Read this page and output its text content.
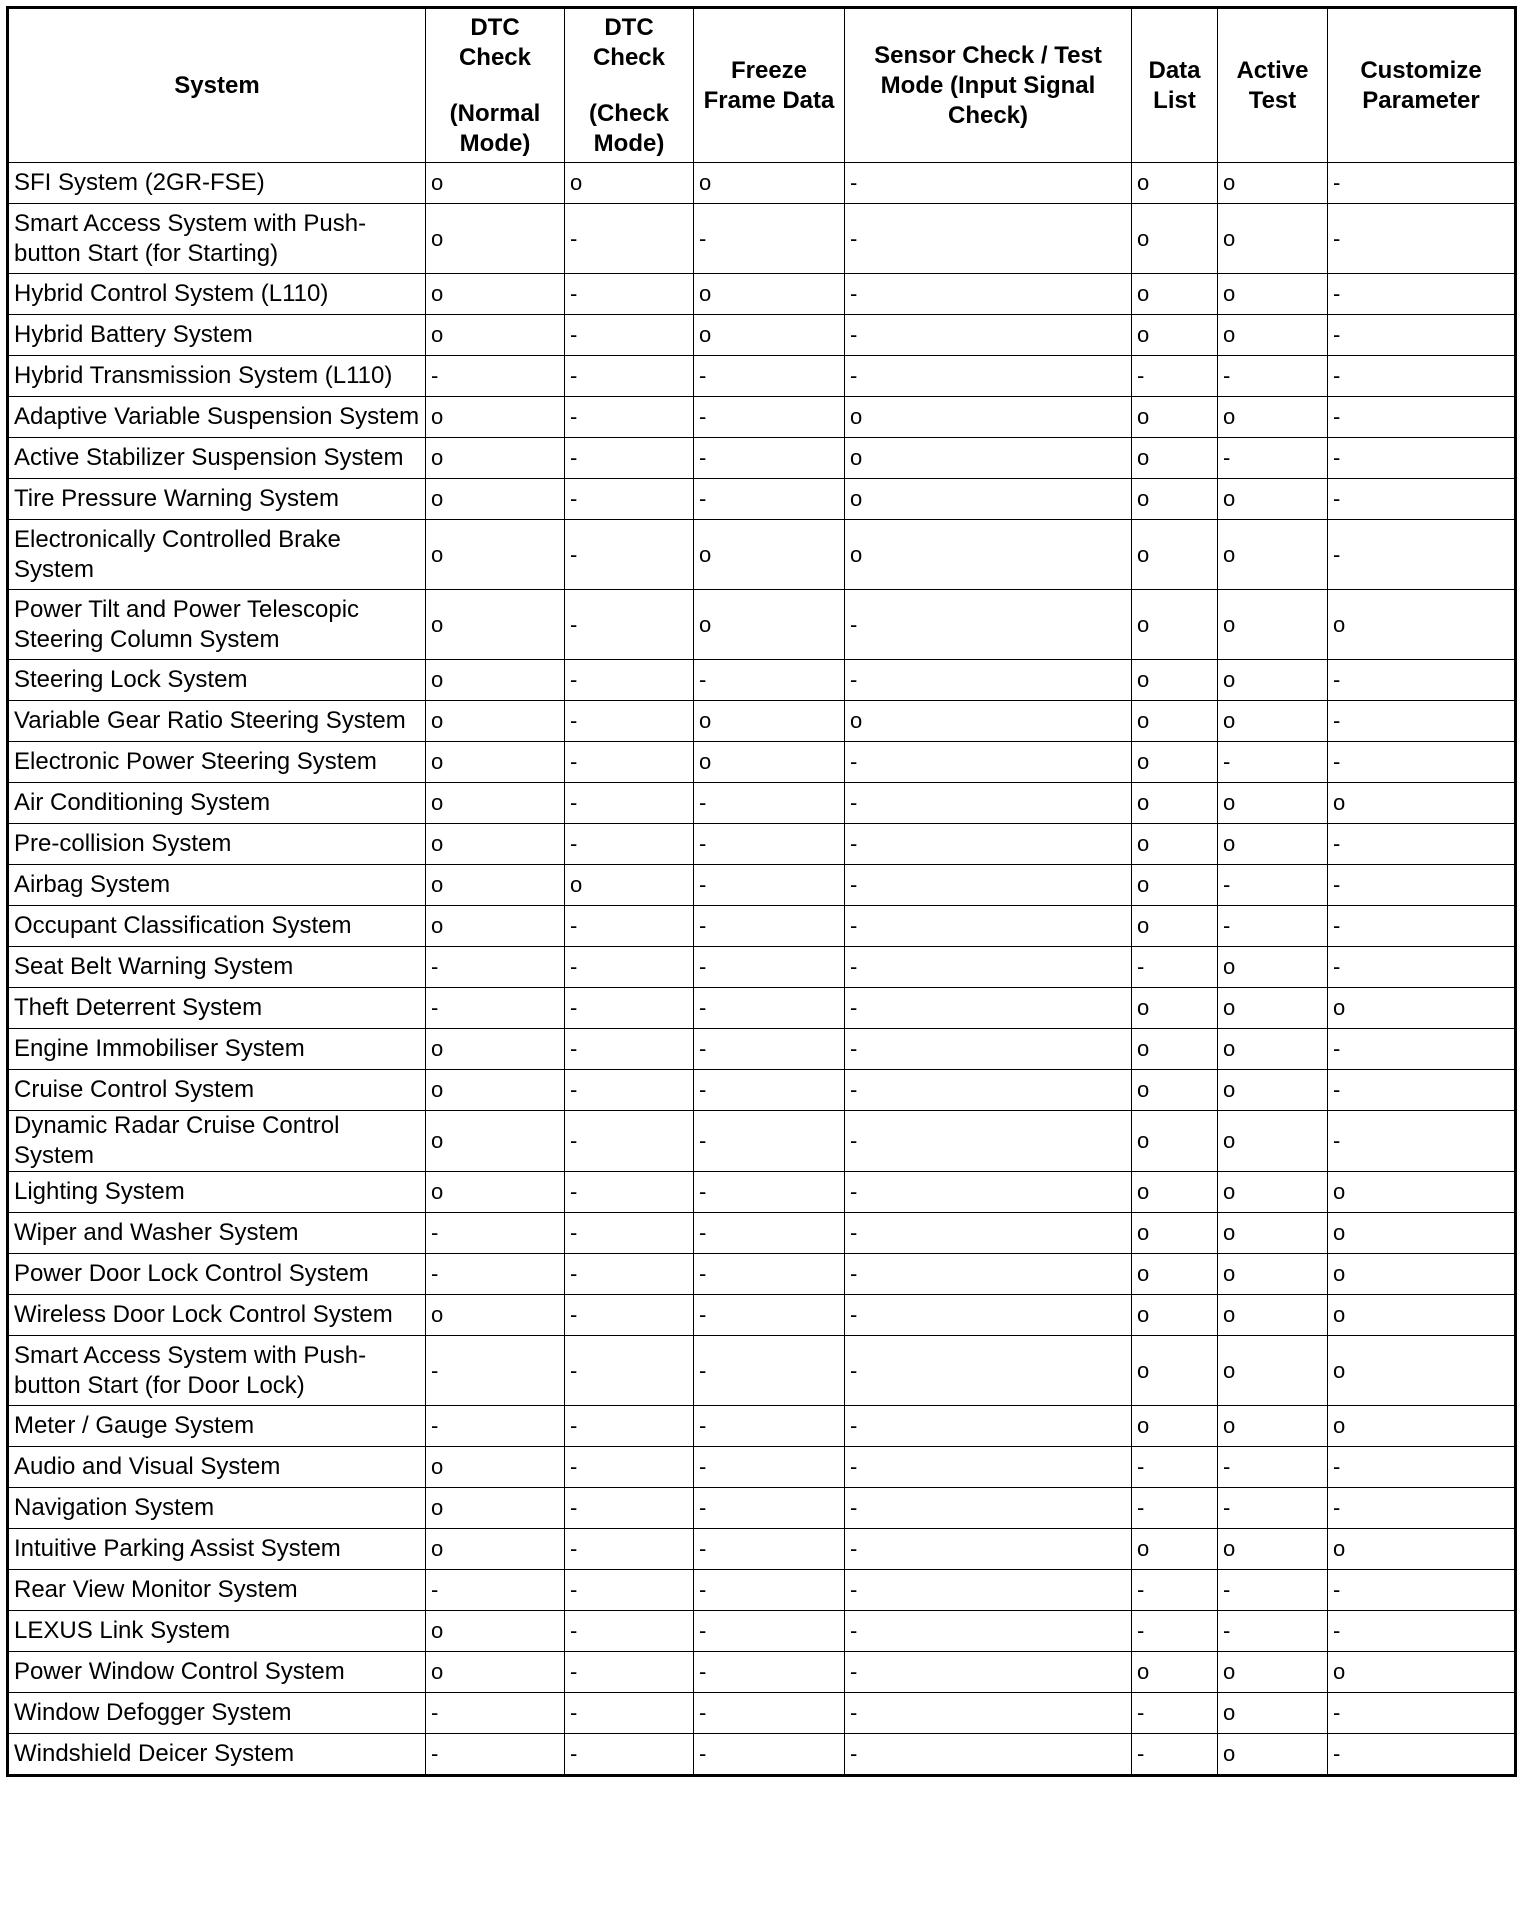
System	DTC
Check
(Normal
Mode)	DTC
Check
(Check
Mode)	Freeze
Frame Data	Sensor Check / Test
Mode (Input Signal
Check)	Data
List	Active
Test	Customize
Parameter

SFI System (2GR-FSE)	o	o	o	-	o	o	-
Smart Access System with Push-button Start (for Starting)	o	-	-	-	o	o	-
Hybrid Control System (L110)	o	-	o	-	o	o	-
Hybrid Battery System	o	-	o	-	o	o	-
Hybrid Transmission System (L110)	-	-	-	-	-	-	-
Adaptive Variable Suspension System	o	-	-	o	o	o	-
Active Stabilizer Suspension System	o	-	-	o	o	-	-
Tire Pressure Warning System	o	-	-	o	o	o	-
Electronically Controlled Brake System	o	-	o	o	o	o	-
Power Tilt and Power Telescopic Steering Column System	o	-	o	-	o	o	o
Steering Lock System	o	-	-	-	o	o	-
Variable Gear Ratio Steering System	o	-	o	o	o	o	-
Electronic Power Steering System	o	-	o	-	o	-	-
Air Conditioning System	o	-	-	-	o	o	o
Pre-collision System	o	-	-	-	o	o	-
Airbag System	o	o	-	-	o	-	-
Occupant Classification System	o	-	-	-	o	-	-
Seat Belt Warning System	-	-	-	-	-	o	-
Theft Deterrent System	-	-	-	-	o	o	o
Engine Immobiliser System	o	-	-	-	o	o	-
Cruise Control System	o	-	-	-	o	o	-
Dynamic Radar Cruise Control System	o	-	-	-	o	o	-
Lighting System	o	-	-	-	o	o	o
Wiper and Washer System	-	-	-	-	o	o	o
Power Door Lock Control System	-	-	-	-	o	o	o
Wireless Door Lock Control System	o	-	-	-	o	o	o
Smart Access System with Push-button Start (for Door Lock)	-	-	-	-	o	o	o
Meter / Gauge System	-	-	-	-	o	o	o
Audio and Visual System	o	-	-	-	-	-	-
Navigation System	o	-	-	-	-	-	-
Intuitive Parking Assist System	o	-	-	-	o	o	o
Rear View Monitor System	-	-	-	-	-	-	-
LEXUS Link System	o	-	-	-	-	-	-
Power Window Control System	o	-	-	-	o	o	o
Window Defogger System	-	-	-	-	-	o	-
Windshield Deicer System	-	-	-	-	-	o	-
